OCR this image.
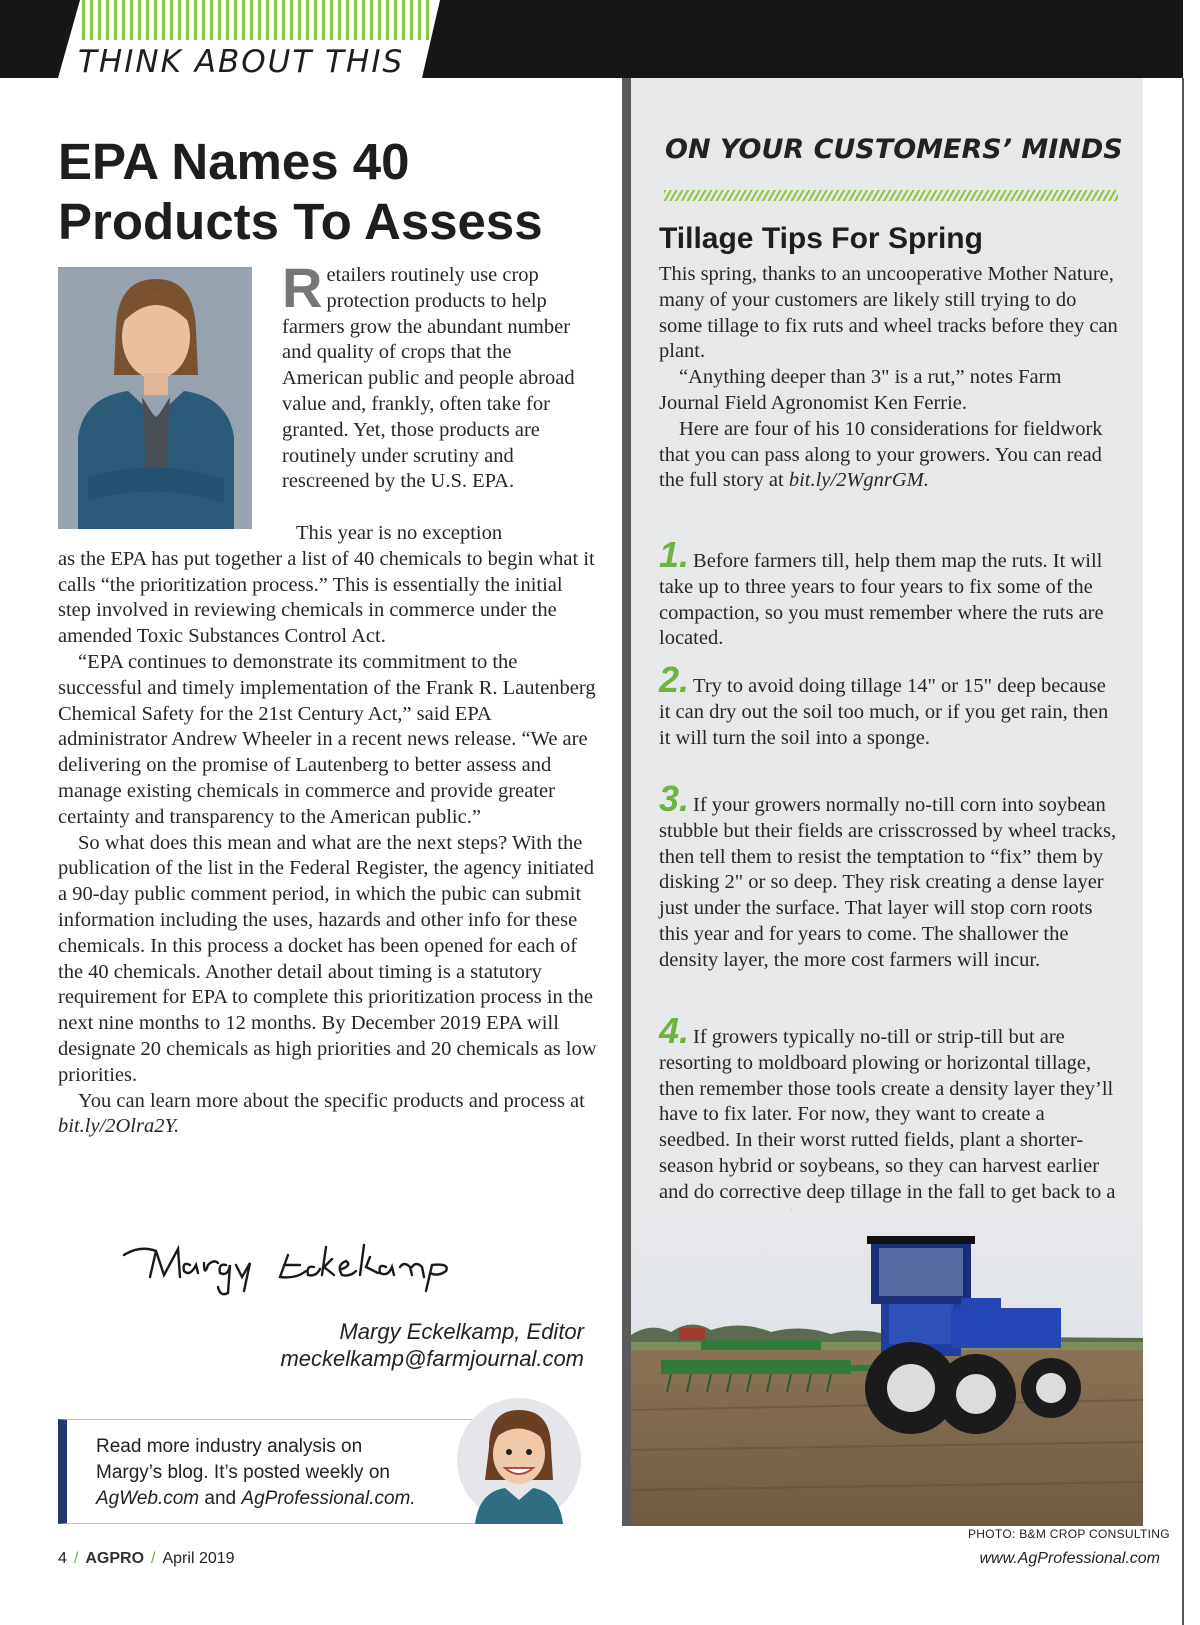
THINK ABOUT THIS
ON YOUR CUSTOMERS’ MINDS
Tillage Tips For Spring

This spring, thanks to an uncooperative Mother Nature, many of your customers are likely still trying to do some tillage to fix ruts and wheel tracks before they can plant.

“Anything deeper than 3" is a rut,” notes Farm Journal Field Agronomist Ken Ferrie.

Here are four of his 10 considerations for fieldwork that you can pass along to your growers. You can read the full story at bit.ly/2WgnrGM.

1. Before farmers till, help them map the ruts. It will take up to three years to four years to fix some of the compaction, so you must remember where the ruts are located.
2. Try to avoid doing tillage 14" or 15" deep because it can dry out the soil too much, or if you get rain, then it will turn the soil into a sponge.
3. If your growers normally no-till corn into soybean stubble but their fields are crisscrossed by wheel tracks, then tell them to resist the temptation to “fix” them by disking 2" or so deep. They risk creating a dense layer just under the surface. That layer will stop corn roots this year and for years to come. The shallower the density layer, the more cost farmers will incur.
4. If growers typically no-till or strip-till but are resorting to moldboard plowing or horizontal tillage, then remember those tools create a density layer they’ll have to fix later. For now, they want to create a seedbed. In their worst rutted fields, plant a shorter-season hybrid or soybeans, so they can harvest earlier and do corrective deep tillage in the fall to get back to a
PHOTO: B&M CROP CONSULTING
EPA Names 40
Products To Assess
Retailers routinely use crop protection products to help farmers grow the abundant number and quality of crops that the American public and people abroad value and, frankly, often take for granted. Yet, those products are routinely under scrutiny and rescreened by the U.S. EPA.

This year is no exception

as the EPA has put together a list of 40 chemicals to begin what it calls “the prioritization process.” This is essentially the initial step involved in reviewing chemicals in commerce under the amended Toxic Substances Control Act.

“EPA continues to demonstrate its commitment to the successful and timely implementation of the Frank R. Lautenberg Chemical Safety for the 21st Century Act,” said EPA administrator Andrew Wheeler in a recent news release. “We are delivering on the promise of Lautenberg to better assess and manage existing chemicals in commerce and provide greater certainty and transparency to the American public.”

So what does this mean and what are the next steps? With the publication of the list in the Federal Register, the agency initiated a 90-day public comment period, in which the pubic can submit information including the uses, hazards and other info for these chemicals. In this process a docket has been opened for each of the 40 chemicals. Another detail about timing is a statutory requirement for EPA to complete this prioritization process in the next nine months to 12 months. By December 2019 EPA will designate 20 chemicals as high priorities and 20 chemicals as low priorities.

You can learn more about the specific products and process at bit.ly/2Olra2Y.

Margy Eckelkamp, Editor
meckelkamp@farmjournal.com
Read more industry analysis on
Margy’s blog. It’s posted weekly on
AgWeb.com and AgProfessional.com.
4 / AGPRO / April 2019	www.AgProfessional.com
